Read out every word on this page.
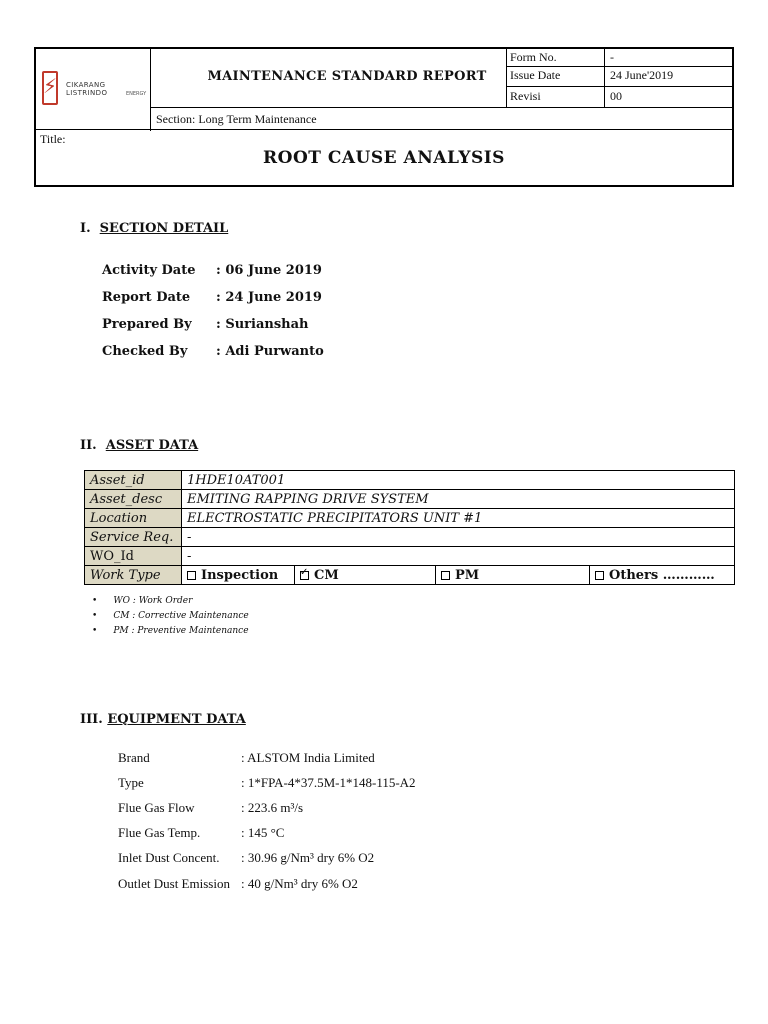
⚡ CIKARANG LISTRINDO	ENERGY
MAINTENANCE STANDARD REPORT
Form No.	-
Issue Date	24 June'2019
Revisi	00
Section: Long Term Maintenance
Title:
ROOT CAUSE ANALYSIS
I. SECTION DETAIL
Activity Date : 06 June 2019
Report Date : 24 June 2019
Prepared By : Surianshah
Checked By : Adi Purwanto
II. ASSET DATA
Asset_id	1HDE10AT001			
Asset_desc	EMITING RAPPING DRIVE SYSTEM			
Location	ELECTROSTATIC PRECIPITATORS UNIT #1			
Service Req.	-			
WO_Id	-			
Work Type	Inspection	✓CM	PM	Others …………
• WO : Work Order
• CM : Corrective Maintenance
• PM : Preventive Maintenance
III. EQUIPMENT DATA
Brand	: ALSTOM India Limited
Type	: 1*FPA-4*37.5M-1*148-115-A2
Flue Gas Flow	: 223.6 m³/s
Flue Gas Temp.	: 145 °C
Inlet Dust Concent. : 30.96 g/Nm³ dry 6% O2
Outlet Dust Emission : 40 g/Nm³ dry 6% O2
